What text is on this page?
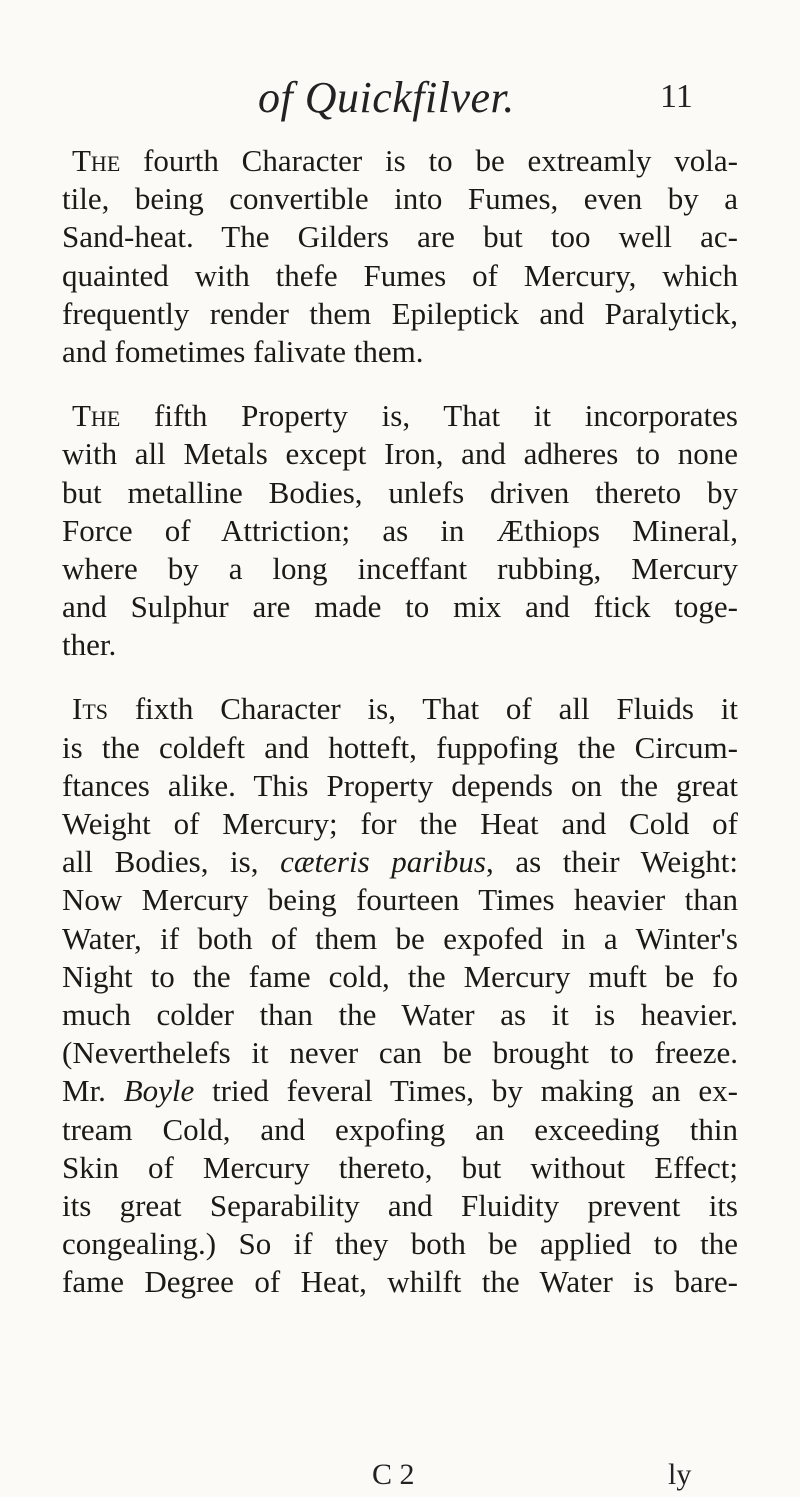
of Quickfilver.	11

The fourth Character is to be extreamly vola-
tile, being convertible into Fumes, even by a
Sand-heat. The Gilders are but too well ac-
quainted with thefe Fumes of Mercury, which
frequently render them Epileptick and Paralytick,
and fometimes falivate them.

The fifth Property is, That it incorporates
with all Metals except Iron, and adheres to none
but metalline Bodies, unlefs driven thereto by
Force of Attriction; as in Æthiops Mineral,
where by a long inceffant rubbing, Mercury
and Sulphur are made to mix and ftick toge-
ther.

Its fixth Character is, That of all Fluids it
is the coldeft and hotteft, fuppofing the Circum-
ftances alike. This Property depends on the great
Weight of Mercury; for the Heat and Cold of
all Bodies, is, cæteris paribus, as their Weight:
Now Mercury being fourteen Times heavier than
Water, if both of them be expofed in a Winter's
Night to the fame cold, the Mercury muft be fo
much colder than the Water as it is heavier.
(Neverthelefs it never can be brought to freeze.
Mr. Boyle tried feveral Times, by making an ex-
tream Cold, and expofing an exceeding thin
Skin of Mercury thereto, but without Effect;
its great Separability and Fluidity prevent its
congealing.) So if they both be applied to the
fame Degree of Heat, whilft the Water is bare-

C 2	ly
